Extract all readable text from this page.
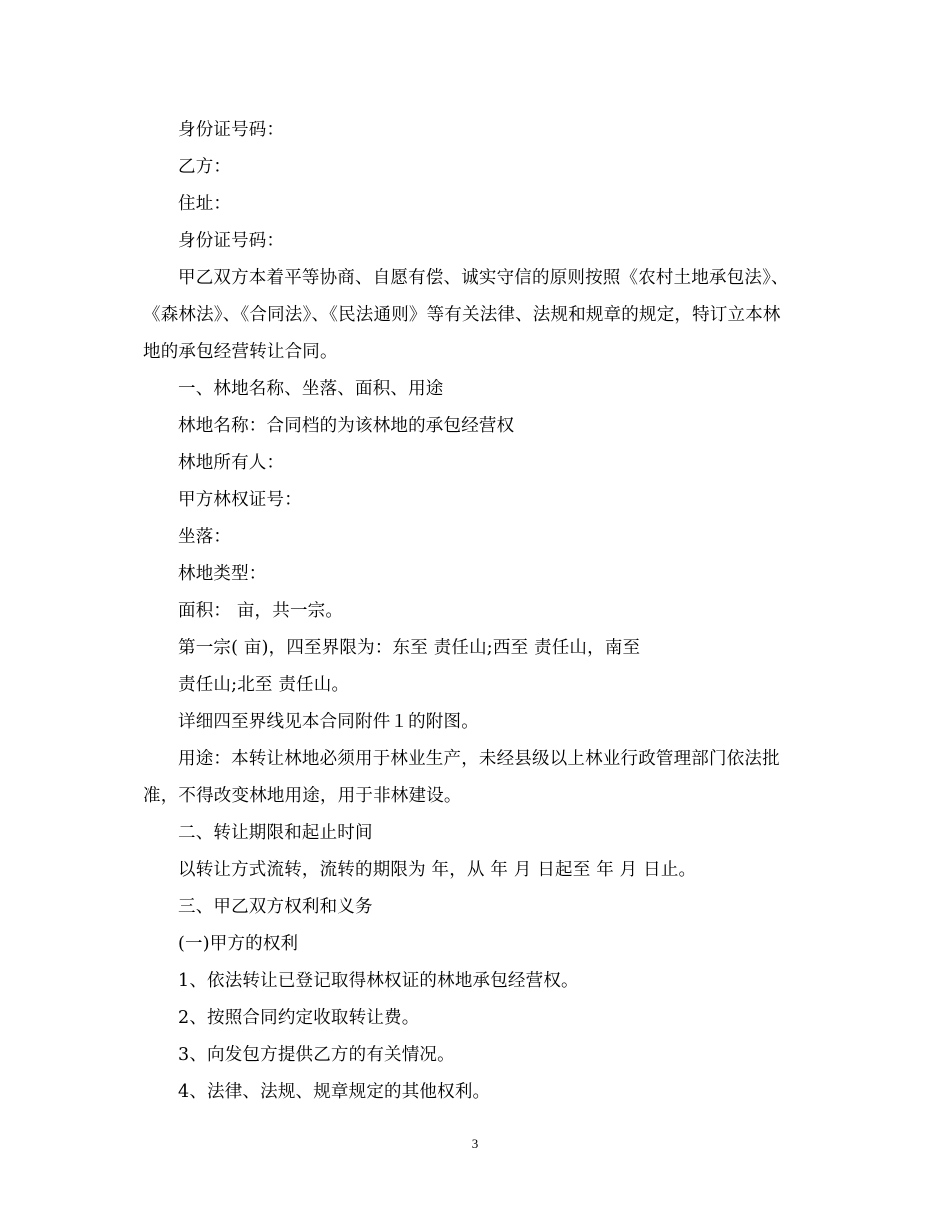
身份证号码：

乙方：

住址：

身份证号码：

甲乙双方本着平等协商、自愿有偿、诚实守信的原则按照《农村土地承包法》、《森林法》、《合同法》、《民法通则》等有关法律、法规和规章的规定，特订立本林地的承包经营转让合同。

一、林地名称、坐落、面积、用途

林地名称：合同档的为该林地的承包经营权

林地所有人：

甲方林权证号：

坐落：

林地类型：

面积： 亩，共一宗。

第一宗( 亩)，四至界限为：东至 责任山;西至 责任山，南至

责任山;北至 责任山。

详细四至界线见本合同附件１的附图。

用途：本转让林地必须用于林业生产，未经县级以上林业行政管理部门依法批准，不得改变林地用途，用于非林建设。

二、转让期限和起止时间

以转让方式流转，流转的期限为 年，从 年 月 日起至 年 月 日止。

三、甲乙双方权利和义务

(一)甲方的权利

1、依法转让已登记取得林权证的林地承包经营权。

2、按照合同约定收取转让费。

3、向发包方提供乙方的有关情况。

4、法律、法规、规章规定的其他权利。

3
